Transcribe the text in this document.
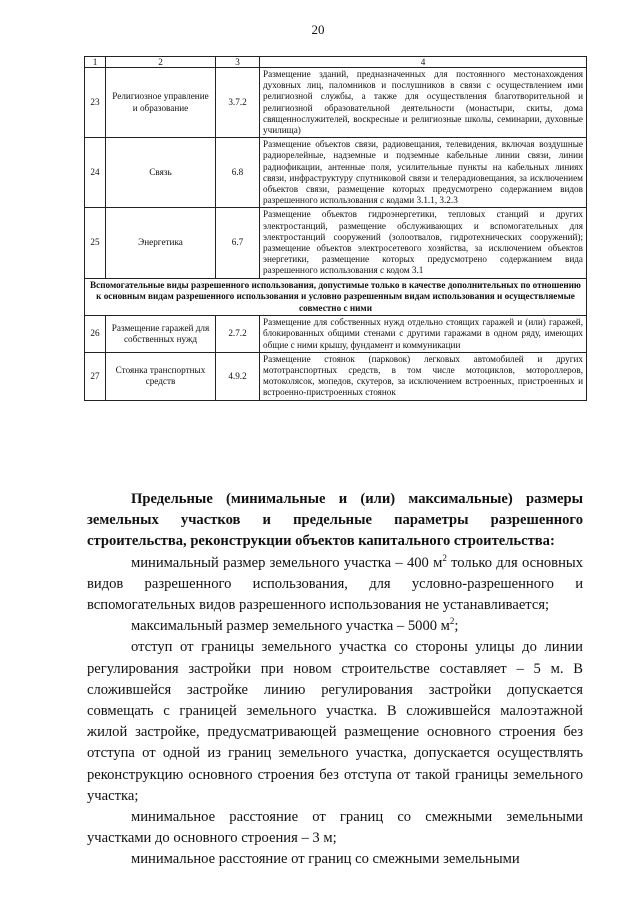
20
1	2	3	4
23	Религиозное управление и образование	3.7.2	Размещение зданий, предназначенных для постоянного местонахождения духовных лиц, паломников и послушников в связи с осуществлением ими религиозной службы, а также для осуществления благотворительной и религиозной образовательной деятельности (монастыри, скиты, дома священнослужителей, воскресные и религиозные школы, семинарии, духовные училища)
24	Связь	6.8	Размещение объектов связи, радиовещания, телевидения, включая воздушные радиорелейные, надземные и подземные кабельные линии связи, линии радиофикации, антенные поля, усилительные пункты на кабельных линиях связи, инфраструктуру спутниковой связи и телерадиовещания, за исключением объектов связи, размещение которых предусмотрено содержанием видов разрешенного использования с кодами 3.1.1, 3.2.3
25	Энергетика	6.7	Размещение объектов гидроэнергетики, тепловых станций и других электростанций, размещение обслуживающих и вспомогательных для электростанций сооружений (золоотвалов, гидротехнических сооружений); размещение объектов электросетевого хозяйства, за исключением объектов энергетики, размещение которых предусмотрено содержанием вида разрешенного использования с кодом 3.1
Вспомогательные виды разрешенного использования, допустимые только в качестве дополнительных по отношению к основным видам разрешенного использования и условно разрешенным видам использования и осуществляемые совместно с ними			
26	Размещение гаражей для собственных нужд	2.7.2	Размещение для собственных нужд отдельно стоящих гаражей и (или) гаражей, блокированных общими стенами с другими гаражами в одном ряду, имеющих общие с ними крышу, фундамент и коммуникации
27	Стоянка транспортных средств	4.9.2	Размещение стоянок (парковок) легковых автомобилей и других мототранспортных средств, в том числе мотоциклов, мотороллеров, мотоколясок, мопедов, скутеров, за исключением встроенных, пристроенных и встроенно-пристроенных стоянок

Предельные (минимальные и (или) максимальные) размеры земельных участков и предельные параметры разрешенного строительства, реконструкции объектов капитального строительства:

минимальный размер земельного участка – 400 $м^2$ только для основных видов разрешенного использования, для условно-разрешенного и вспомогательных видов разрешенного использования не устанавливается;

максимальный размер земельного участка – 5000 $м^2$;

отступ от границы земельного участка со стороны улицы до линии регулирования застройки при новом строительстве составляет – 5 м. В сложившейся застройке линию регулирования застройки допускается совмещать с границей земельного участка. В сложившейся малоэтажной жилой застройке, предусматривающей размещение основного строения без отступа от одной из границ земельного участка, допускается осуществлять реконструкцию основного строения без отступа от такой границы земельного участка;

минимальное расстояние от границ со смежными земельными участками до основного строения – 3 м;

минимальное расстояние от границ со смежными земельными
